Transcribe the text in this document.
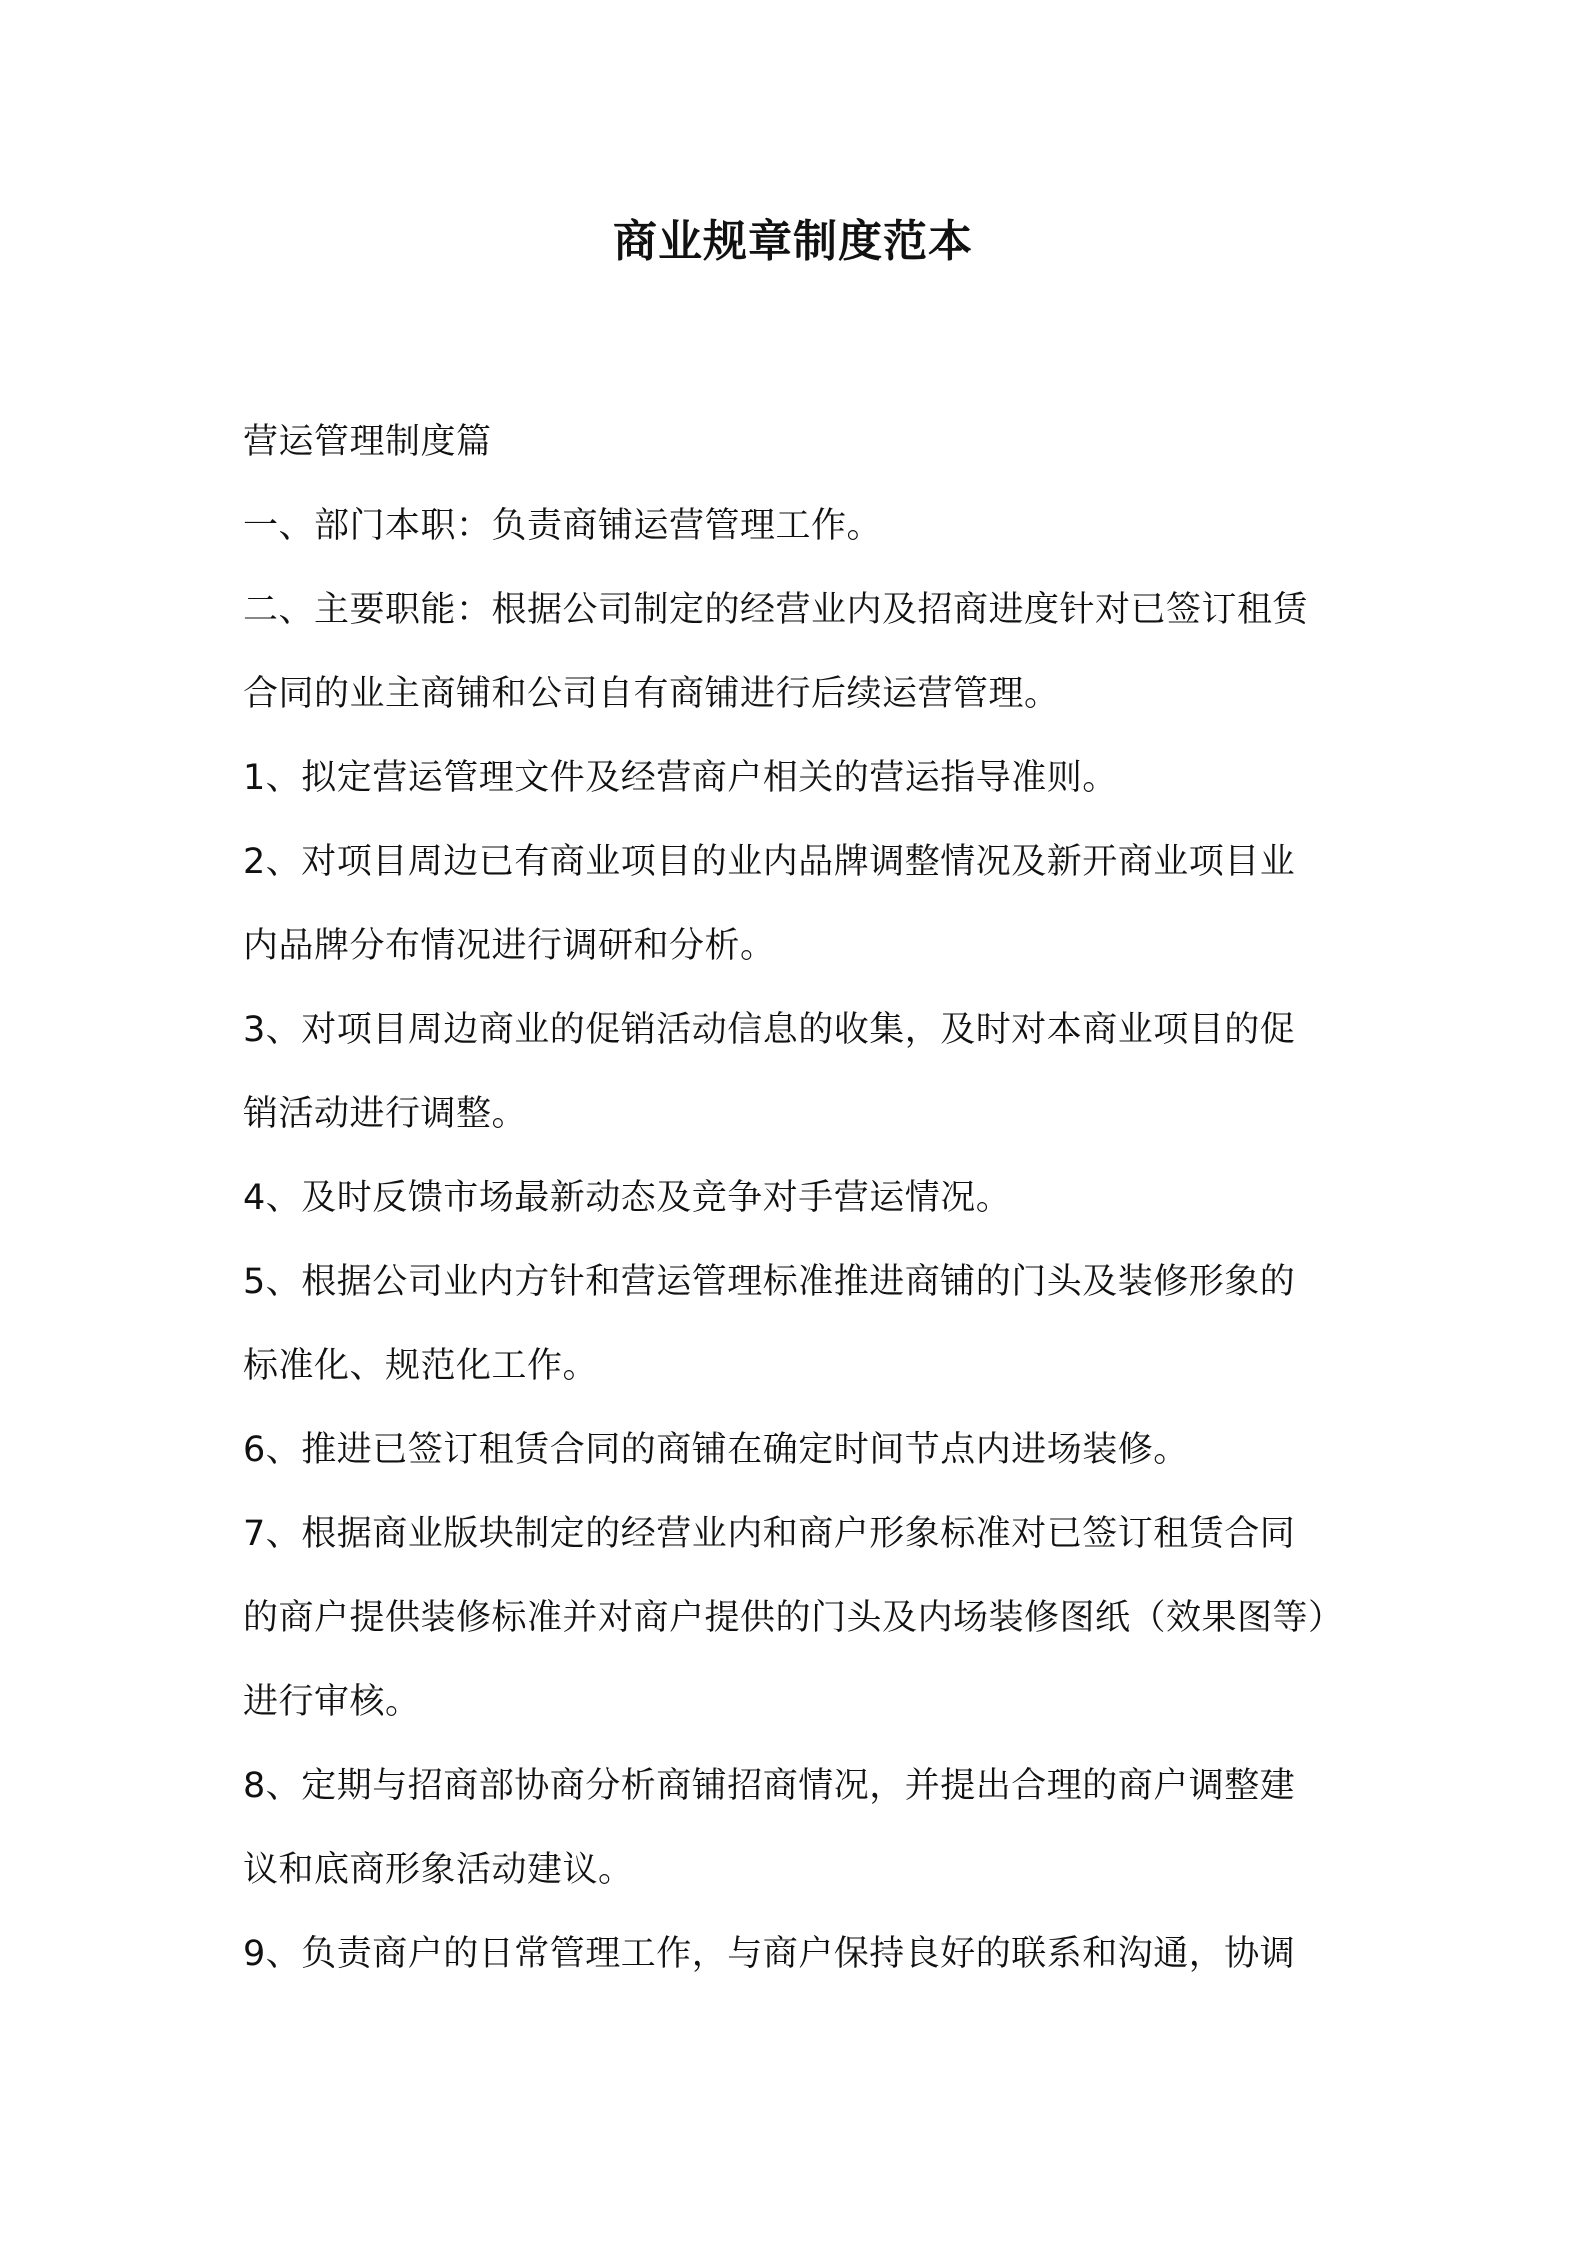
商业规章制度范本
营运管理制度篇
一、部门本职：负责商铺运营管理工作。
二、主要职能：根据公司制定的经营业内及招商进度针对已签订租赁
合同的业主商铺和公司自有商铺进行后续运营管理。
1、拟定营运管理文件及经营商户相关的营运指导准则。
2、对项目周边已有商业项目的业内品牌调整情况及新开商业项目业
内品牌分布情况进行调研和分析。
3、对项目周边商业的促销活动信息的收集，及时对本商业项目的促
销活动进行调整。
4、及时反馈市场最新动态及竞争对手营运情况。
5、根据公司业内方针和营运管理标准推进商铺的门头及装修形象的
标准化、规范化工作。
6、推进已签订租赁合同的商铺在确定时间节点内进场装修。
7、根据商业版块制定的经营业内和商户形象标准对已签订租赁合同
的商户提供装修标准并对商户提供的门头及内场装修图纸（效果图等）
进行审核。
8、定期与招商部协商分析商铺招商情况，并提出合理的商户调整建
议和底商形象活动建议。
9、负责商户的日常管理工作，与商户保持良好的联系和沟通，协调
